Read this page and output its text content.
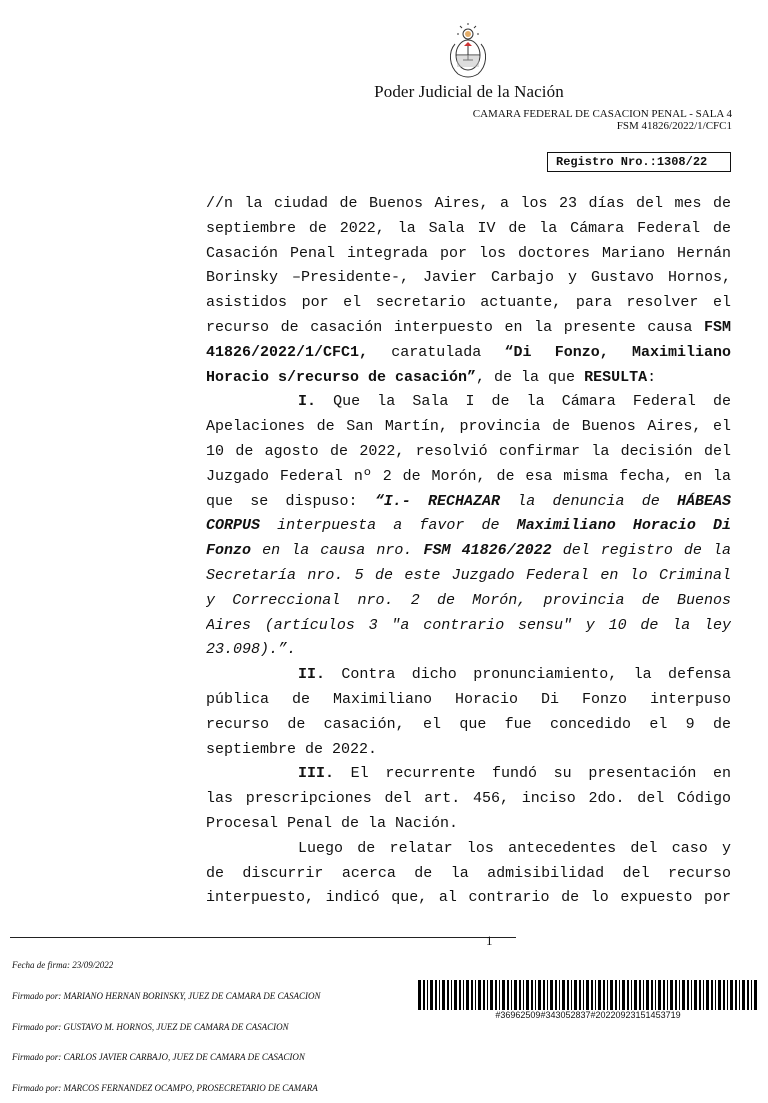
Poder Judicial de la Nación
CAMARA FEDERAL DE CASACION PENAL - SALA 4
FSM 41826/2022/1/CFC1
Registro Nro.:1308/22
//n la ciudad de Buenos Aires, a los 23 días del mes de
septiembre de 2022, la Sala IV de la Cámara Federal de
Casación Penal integrada por los doctores Mariano Hernán
Borinsky –Presidente-, Javier Carbajo y Gustavo Hornos,
asistidos por el secretario actuante, para resolver el
recurso de casación interpuesto en la presente causa FSM
41826/2022/1/CFC1, caratulada “Di Fonzo, Maximiliano
Horacio s/recurso de casación”, de la que RESULTA:
I. Que la Sala I de la Cámara Federal de
Apelaciones de San Martín, provincia de Buenos Aires, el
10 de agosto de 2022, resolvió confirmar la decisión del
Juzgado Federal nº 2 de Morón, de esa misma fecha, en la
que se dispuso: “I.- RECHAZAR la denuncia de HÁBEAS
CORPUS interpuesta a favor de Maximiliano Horacio Di
Fonzo en la causa nro. FSM 41826/2022 del registro de la
Secretaría nro. 5 de este Juzgado Federal en lo Criminal
y Correccional nro. 2 de Morón, provincia de Buenos
Aires (artículos 3 "a contrario sensu" y 10 de la ley
23.098).”.
II. Contra dicho pronunciamiento, la defensa
pública de Maximiliano Horacio Di Fonzo interpuso
recurso de casación, el que fue concedido el 9 de
septiembre de 2022.
III. El recurrente fundó su presentación en
las prescripciones del art. 456, inciso 2do. del Código
Procesal Penal de la Nación.
Luego de relatar los antecedentes del caso y
de discurrir acerca de la admisibilidad del recurso
interpuesto, indicó que, al contrario de lo expuesto por
1

Fecha de firma: 23/09/2022

Firmado por: MARIANO HERNAN BORINSKY, JUEZ DE CAMARA DE CASACION

Firmado por: GUSTAVO M. HORNOS, JUEZ DE CAMARA DE CASACION

Firmado por: CARLOS JAVIER CARBAJO, JUEZ DE CAMARA DE CASACION

Firmado por: MARCOS FERNANDEZ OCAMPO, PROSECRETARIO DE CAMARA

#36962509#343052837#20220923151453719
